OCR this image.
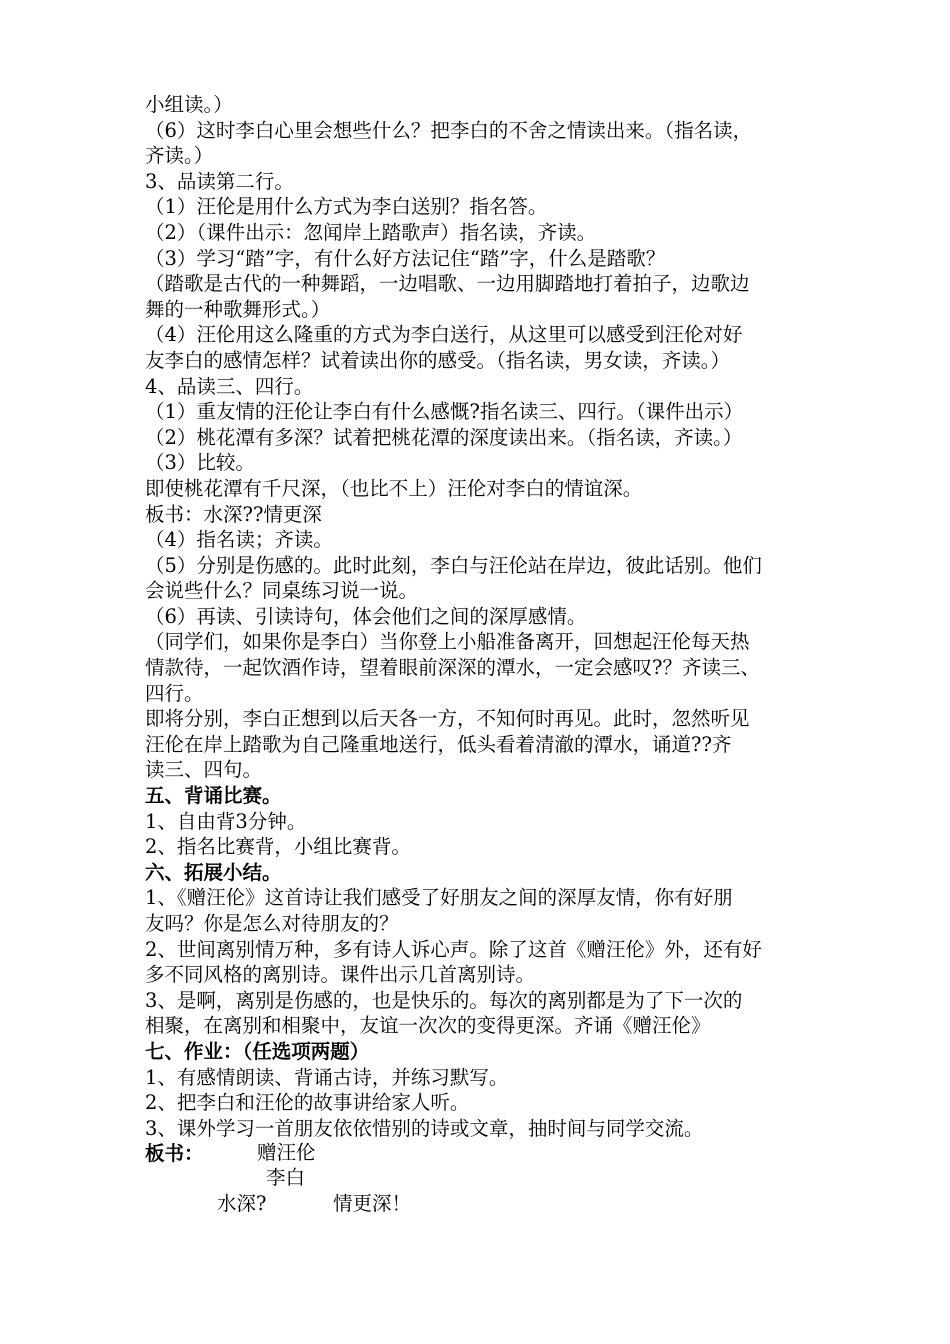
小组读。）

（6）这时李白心里会想些什么？把李白的不舍之情读出来。（指名读，

齐读。）

3、品读第二行。

（1）汪伦是用什么方式为李白送别？指名答。

（2）（课件出示：忽闻岸上踏歌声）指名读，齐读。

（3）学习“踏”字，有什么好方法记住“踏”字，什么是踏歌？

（踏歌是古代的一种舞蹈，一边唱歌、一边用脚踏地打着拍子，边歌边

舞的一种歌舞形式。）

（4）汪伦用这么隆重的方式为李白送行，从这里可以感受到汪伦对好

友李白的感情怎样？试着读出你的感受。（指名读，男女读，齐读。）

4、品读三、四行。

（1）重友情的汪伦让李白有什么感慨?指名读三、四行。（课件出示）

（2）桃花潭有多深？试着把桃花潭的深度读出来。（指名读，齐读。）

（3）比较。

即使桃花潭有千尺深，（也比不上）汪伦对李白的情谊深。

板书：水深??情更深

（4）指名读；齐读。

（5）分别是伤感的。此时此刻，李白与汪伦站在岸边，彼此话别。他们

会说些什么？同桌练习说一说。

（6）再读、引读诗句，体会他们之间的深厚感情。

（同学们，如果你是李白）当你登上小船准备离开，回想起汪伦每天热

情款待，一起饮酒作诗，望着眼前深深的潭水，一定会感叹?？齐读三、

四行。

即将分别，李白正想到以后天各一方，不知何时再见。此时，忽然听见

汪伦在岸上踏歌为自己隆重地送行，低头看着清澈的潭水，诵道??齐

读三、四句。

五、背诵比赛。

1、自由背3分钟。

2、指名比赛背，小组比赛背。

六、拓展小结。

1、《赠汪伦》这首诗让我们感受了好朋友之间的深厚友情，你有好朋

友吗？你是怎么对待朋友的？

2、世间离别情万种，多有诗人诉心声。除了这首《赠汪伦》外，还有好

多不同风格的离别诗。课件出示几首离别诗。

3、是啊，离别是伤感的，也是快乐的。每次的离别都是为了下一次的

相聚，在离别和相聚中，友谊一次次的变得更深。齐诵《赠汪伦》

七、作业：（任选项两题）

1、有感情朗读、背诵古诗，并练习默写。

2、把李白和汪伦的故事讲给家人听。

3、课外学习一首朋友依依惜别的诗或文章，抽时间与同学交流。

板书：	赠汪伦
李白
水深?	情更深！
